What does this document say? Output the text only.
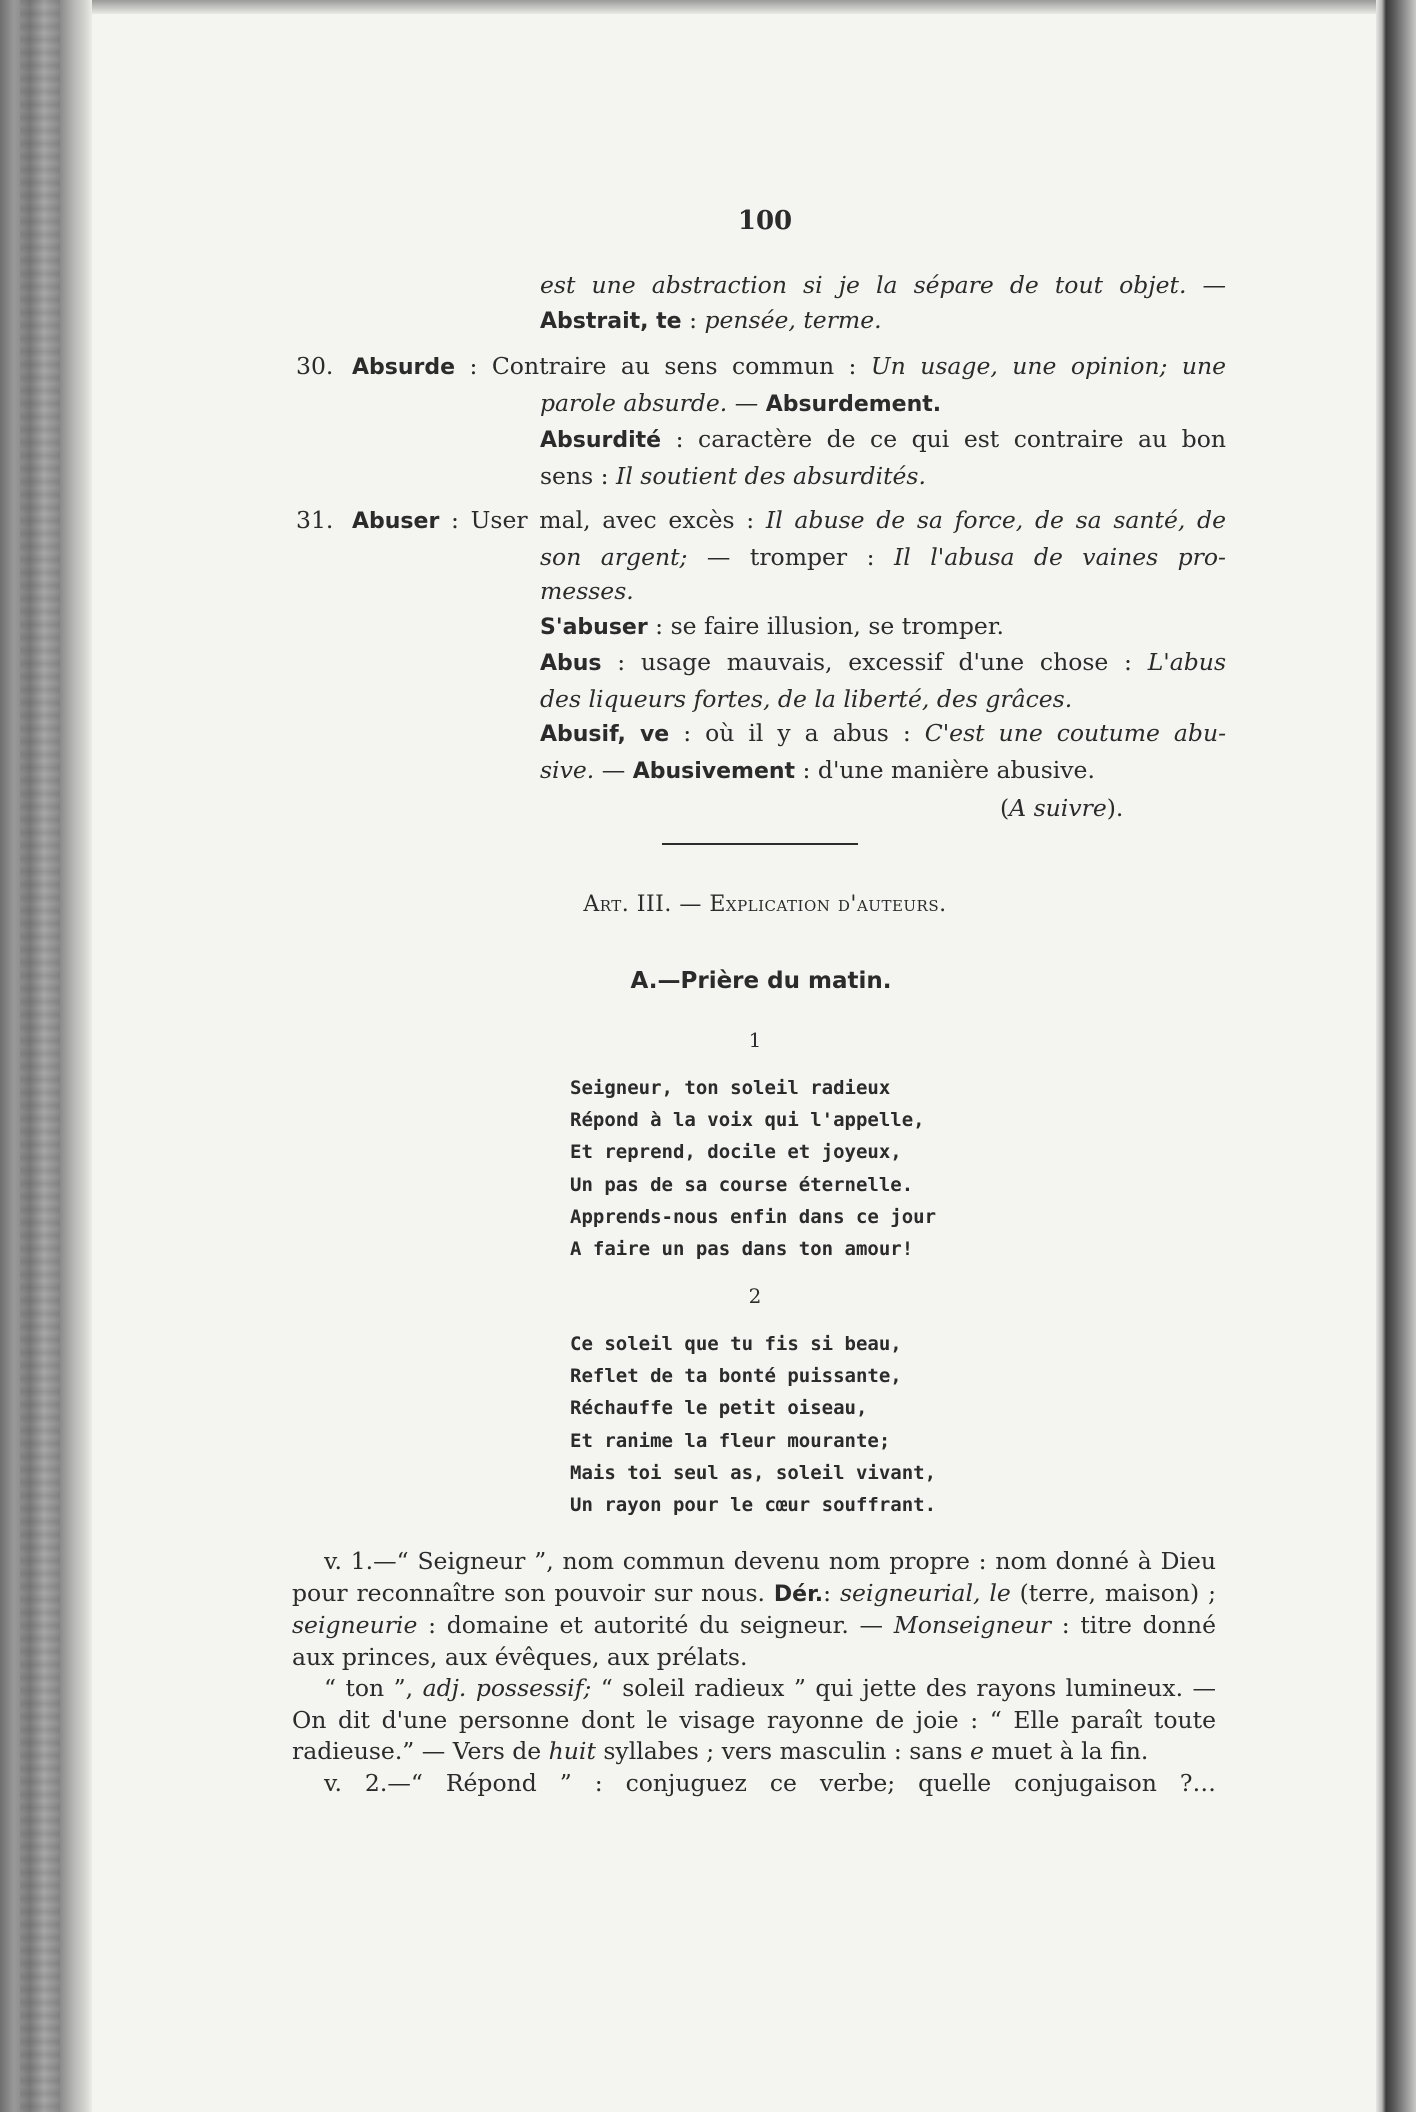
100
est une abstraction si je la sépare de tout objet. —
Abstrait, te : pensée, terme.
30. Absurde : Contraire au sens commun : Un usage, une opinion; une
parole absurde. — Absurdement.
Absurdité : caractère de ce qui est contraire au bon
sens : Il soutient des absurdités.
31. Abuser : User mal, avec excès : Il abuse de sa force, de sa santé, de
son argent; — tromper : Il l'abusa de vaines pro-
messes.
S'abuser : se faire illusion, se tromper.
Abus : usage mauvais, excessif d'une chose : L'abus
des liqueurs fortes, de la liberté, des grâces.
Abusif, ve : où il y a abus : C'est une coutume abu-
sive. — Abusivement : d'une manière abusive.
(A suivre).
Art. III. — Explication d'auteurs.
A.—Prière du matin.
1
Seigneur, ton soleil radieux
Répond à la voix qui l'appelle,
Et reprend, docile et joyeux,
Un pas de sa course éternelle.
Apprends-nous enfin dans ce jour
A faire un pas dans ton amour!
2
Ce soleil que tu fis si beau,
Reflet de ta bonté puissante,
Réchauffe le petit oiseau,
Et ranime la fleur mourante;
Mais toi seul as, soleil vivant,
Un rayon pour le cœur souffrant.

v. 1.—“ Seigneur ”, nom commun devenu nom propre : nom donné à Dieu pour reconnaître son pouvoir sur nous. Dér.: seigneurial, le (terre, maison) ; seigneurie : domaine et autorité du seigneur. — Monseigneur : titre donné aux princes, aux évêques, aux prélats.

“ ton ”, adj. possessif; “ soleil radieux ” qui jette des rayons lumineux. — On dit d'une personne dont le visage rayonne de joie : “ Elle paraît toute radieuse.” — Vers de huit syllabes ; vers masculin : sans e muet à la fin.

v. 2.—“ Répond ” : conjuguez ce verbe; quelle conjugaison ?…
